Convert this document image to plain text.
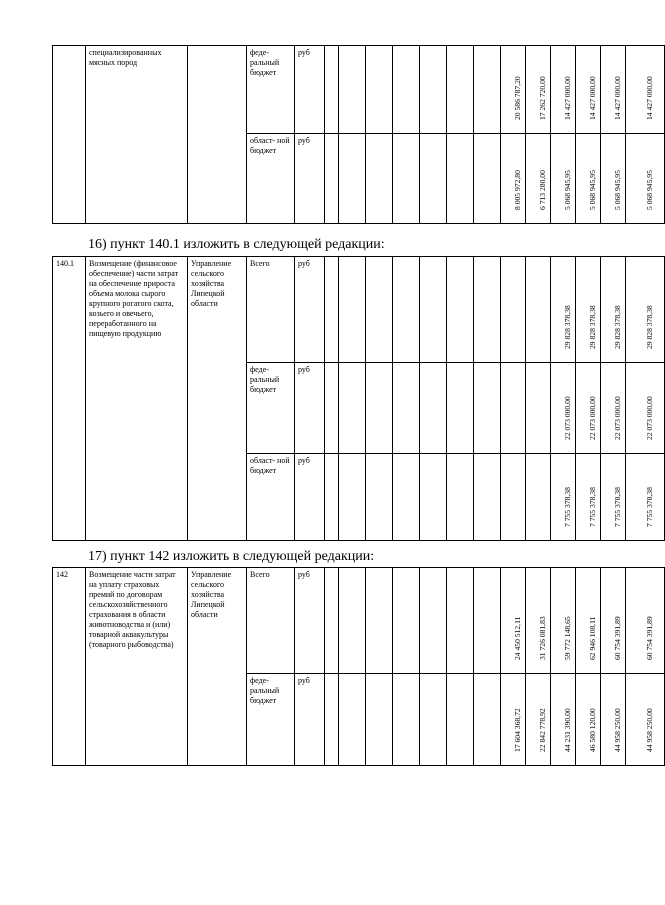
	специализированных мясных пород		феде- ральный бюджет	руб								20 586 787,20	17 262 720,00	14 427 000,00	14 427 000,00	14 427 000,00	14 427 000,00

			област- ной бюджет	руб								8 005 972,80	6 713 280,00	5 068 945,95	5 068 945,95	5 068 945,95	5 068 945,95
16) пункт 140.1 изложить в следующей редакции:
140.1	Возмещение (финансовое обеспечение) части затрат на обеспечение прироста объема молока сырого крупного рогатого скота, козьего и овечьего, переработанного на пищевую продукцию	Управление сельского хозяйства Липецкой области	Всего	руб										29 828 378,38	29 828 378,38	29 828 378,38	29 828 378,38

			феде- ральный бюджет	руб										22 073 000,00	22 073 000,00	22 073 000,00	22 073 000,00

			област- ной бюджет	руб										7 755 378,38	7 755 378,38	7 755 378,38	7 755 378,38
17) пункт 142 изложить в следующей редакции:
142	Возмещение части затрат на уплату страховых премий по договорам сельскохозяйственного страхования в области животноводства и (или) товарной аквакультуры (товарного рыбоводства)	Управление сельского хозяйства Липецкой области	Всего	руб								24 450 512,11	31 726 081,83	59 772 148,65	62 946 108,11	60 754 391,89	60 754 391,89

			феде- ральный бюджет	руб								17 604 368,72	22 842 778,92	44 231 390,00	46 580 120,00	44 958 250,00	44 958 250,00
